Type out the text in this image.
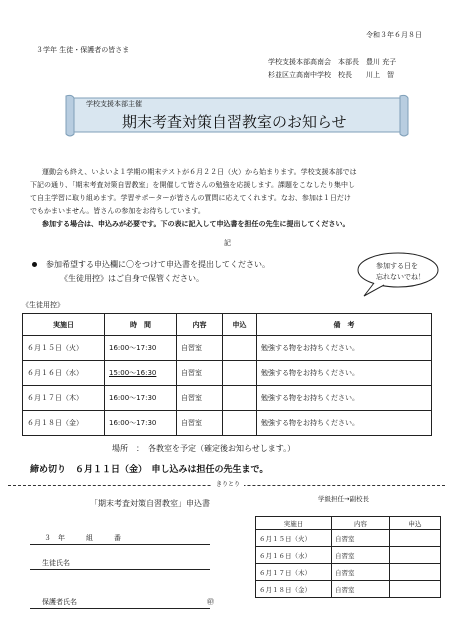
令和３年６月８日
３学年 生徒・保護者の皆さま
学校支援本部高南会　本部長　豊川 充子
杉並区立高南中学校　校長　　川上　智
学校支援本部主催
期末考査対策自習教室のお知らせ
運動会も終え、いよいよ１学期の期末テストが６月２２日（火）から始まります。学校支援本部では
下記の通り、「期末考査対策自習教室」を開催して皆さんの勉強を応援します。課題をこなしたり集中し
て自主学習に取り組めます。学習サポーターが皆さんの質問に応えてくれます。なお、参加は１日だけ
でもかまいません。皆さんの参加をお待ちしています。
参加する場合は、申込みが必要です。下の表に記入して申込書を担任の先生に提出してください。
記
参加希望する申込欄に〇をつけて申込書を提出してください。
《生徒用控》はご自身で保管ください。
参加する日を
忘れないでね！
《生徒用控》
実施日	時　間	内容	申込	備　考
６月１５日（火）	16:00～17:30	自習室		勉強する物をお持ちください。
６月１６日（水）	15:00～16:30	自習室		勉強する物をお持ちください。
６月１７日（木）	16:00～17:30	自習室		勉強する物をお持ちください。
６月１８日（金）	16:00～17:30	自習室		勉強する物をお持ちください。
場所　：　各教室を予定（確定後お知らせします。）
締め切り　６月１１日（金）　申し込みは担任の先生まで。
きりとり
「期末考査対策自習教室」申込書	学級担任→副校長
３　年　　　組　　　番
生徒氏名
保護者氏名	㊞
実施日	内容	申込
６月１５日（火）	自習室	
６月１６日（水）	自習室	
６月１７日（木）	自習室	
６月１８日（金）	自習室	
